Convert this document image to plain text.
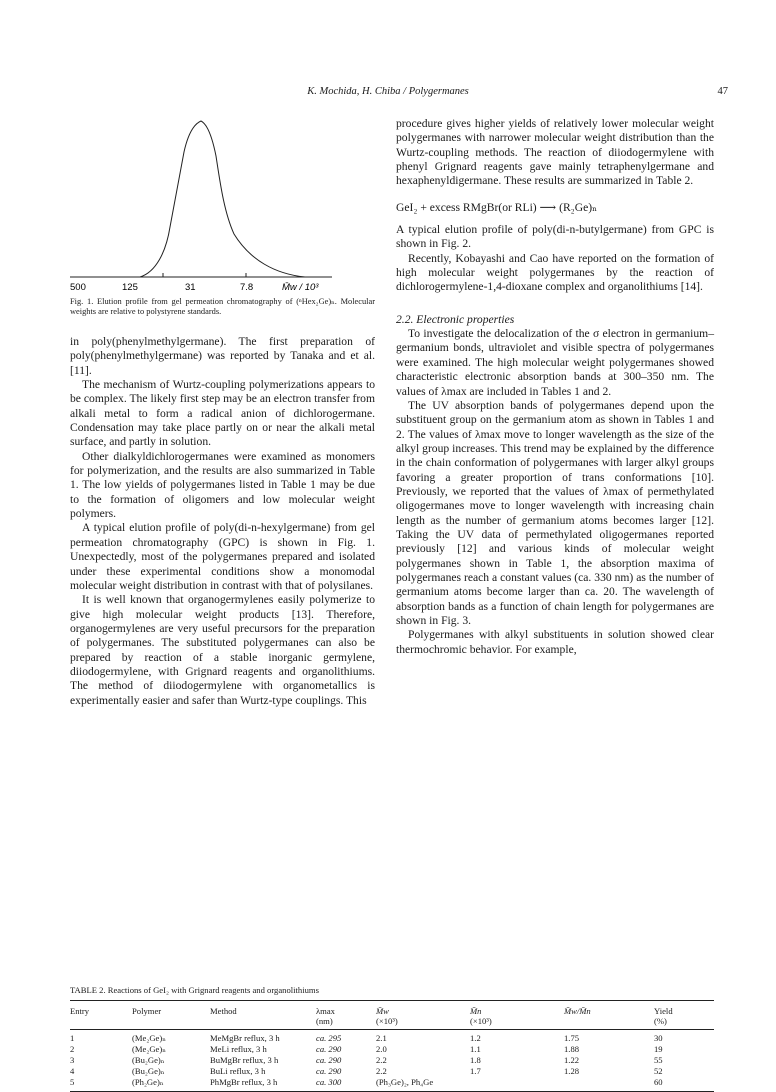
K. Mochida, H. Chiba / Polygermanes	47
500	125	31	7.8	M̄w / 10³
Fig. 1. Elution profile from gel permeation chromatography of (ⁿHex₂Ge)ₙ. Molecular weights are relative to polystyrene standards.

in poly(phenylmethylgermane). The first preparation of poly(phenylmethylgermane) was reported by Tanaka and et al. [11].

The mechanism of Wurtz-coupling polymerizations appears to be complex. The likely first step may be an electron transfer from alkali metal to form a radical anion of dichlorogermane. Condensation may take place partly on or near the alkali metal surface, and partly in solution.

Other dialkyldichlorogermanes were examined as monomers for polymerization, and the results are also summarized in Table 1. The low yields of polygermanes listed in Table 1 may be due to the formation of oligomers and low molecular weight polymers.

A typical elution profile of poly(di-n-hexylgermane) from gel permeation chromatography (GPC) is shown in Fig. 1. Unexpectedly, most of the polygermanes prepared and isolated under these experimental conditions show a monomodal molecular weight distribution in contrast with that of polysilanes.

It is well known that organogermylenes easily polymerize to give high molecular weight products [13]. Therefore, organogermylenes are very useful precursors for the preparation of polygermanes. The substituted polygermanes can also be prepared by reaction of a stable inorganic germylene, diiodogermylene, with Grignard reagents and organolithiums. The method of diiodogermylene with organometallics is experimentally easier and safer than Wurtz-type couplings. This

procedure gives higher yields of relatively lower molecular weight polygermanes with narrower molecular weight distribution than the Wurtz-coupling methods. The reaction of diiodogermylene with phenyl Grignard reagents gave mainly tetraphenylgermane and hexaphenyldigermane. These results are summarized in Table 2.

GeI₂ + excess RMgBr(or RLi) ⟶ (R₂Ge)ₙ

A typical elution profile of poly(di-n-butylgermane) from GPC is shown in Fig. 2.

Recently, Kobayashi and Cao have reported on the formation of high molecular weight polygermanes by the reaction of dichlorogermylene-1,4-dioxane complex and organolithiums [14].

2.2. Electronic properties

To investigate the delocalization of the σ electron in germanium–germanium bonds, ultraviolet and visible spectra of polygermanes were examined. The high molecular weight polygermanes showed characteristic electronic absorption bands at 300–350 nm. The values of λmax are included in Tables 1 and 2.

The UV absorption bands of polygermanes depend upon the substituent group on the germanium atom as shown in Tables 1 and 2. The values of λmax move to longer wavelength as the size of the alkyl group increases. This trend may be explained by the difference in the chain conformation of polygermanes with larger alkyl groups favoring a greater proportion of trans conformations [10]. Previously, we reported that the values of λmax of permethylated oligogermanes move to longer wavelength with increasing chain length as the number of germanium atoms becomes larger [12]. Taking the UV data of permethylated oligogermanes reported previously [12] and various kinds of molecular weight polygermanes shown in Table 1, the absorption maxima of polygermanes reach a constant values (ca. 330 nm) as the number of germanium atoms become larger than ca. 20. The wavelength of absorption bands as a function of chain length for polygermanes are shown in Fig. 3.

Polygermanes with alkyl substituents in solution showed clear thermochromic behavior. For example,

TABLE 2. Reactions of GeI₂ with Grignard reagents and organolithiums
Entry	Polymer	Method	λmax	M̄w	M̄n	M̄w/M̄n	Yield
			(nm)	(×10³)	(×10³)		(%)
1	(Me₂Ge)ₙ	MeMgBr reflux, 3 h	ca. 295	2.1	1.2	1.75	30
2	(Me₂Ge)ₙ	MeLi reflux, 3 h	ca. 290	2.0	1.1	1.88	19
3	(Bu₂Ge)ₙ	BuMgBr reflux, 3 h	ca. 290	2.2	1.8	1.22	55
4	(Bu₂Ge)ₙ	BuLi reflux, 3 h	ca. 290	2.2	1.7	1.28	52
5	(Ph₂Ge)ₙ	PhMgBr reflux, 3 h	ca. 300	(Ph₃Ge)₂, Ph₄Ge			60
